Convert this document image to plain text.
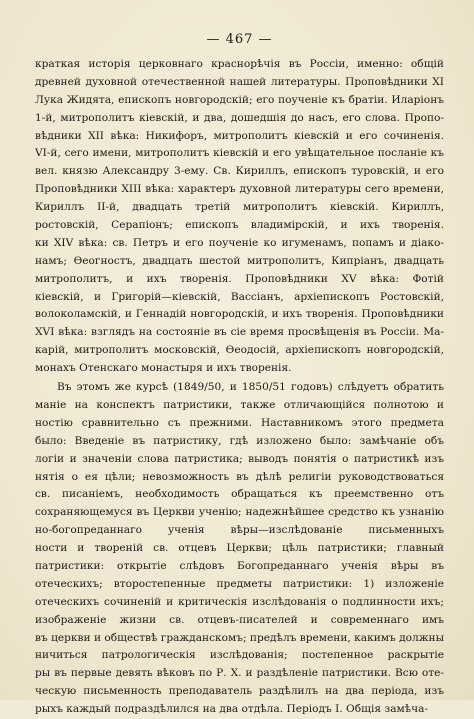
— 467 —

краткая исторія церковнаго краснорѣчія въ Россіи, именно: общій
древней духовной отечественной нашей литературы. Проповѣдники XI
Лука Жидята, епископъ новгородскій; его поученіе къ братіи. Иларіонъ
1-й, митрополитъ кіевскій, и два, дошедшія до насъ, его слова. Пропо-
вѣдники XII вѣка: Никифоръ, митрополитъ кіевскій и его сочиненія.
VI-й, сего имени, митрополитъ кіевскій и его увѣщательное посланіе къ
вел. князю Александру 3-ему. Св. Кириллъ, епископъ туровскій, и его
Проповѣдники XIII вѣка: характеръ духовной литературы сего времени,
Кириллъ II-й, двадцать третій митрополитъ кіевскій. Кириллъ,
ростовскій, Серапіонъ; епископъ владимірскій, и ихъ творенія.
ки XIV вѣка: св. Петръ и его поученіе ко игуменамъ, попамъ и діако-
намъ; Ѳеогностъ, двадцать шестой митрополитъ, Кипріанъ, двадцать
митрополитъ, и ихъ творенія. Проповѣдники XV вѣка: Фотій
кіевскій, и Григорій—кіевскій, Вассіанъ, архіепископъ Ростовскій,
волоколамскій, и Геннадій новгородскій, и ихъ творенія. Проповѣдники
XVI вѣка: взглядъ на состояніе въ сіе время просвѣщенія въ Россіи. Ма-
карій, митрополитъ московскій, Ѳеодосій, архіепископъ новгородскій,
монахъ Отенскаго монастыря и ихъ творенія.

Въ этомъ же курсѣ (1849/50, и 1850/51 годовъ) слѣдуетъ обратить
маніе на конспектъ патристики, также отличающійся полнотою и
ностію сравнительно съ прежними. Наставникомъ этого предмета
было: Введеніе въ патристику, гдѣ изложено было: замѣчаніе объ
логіи и значеніи слова патристика; выводъ понятія о патристикѣ изъ
нятія о ея цѣли; невозможность въ дѣлѣ религіи руководствоваться
св. писаніемъ, необходимость обращаться къ преемственно отъ
сохраняющемуся въ Церкви ученію; надежнѣйшее средство къ узнанію
но-богопреданнаго ученія вѣры—изслѣдованіе письменныхъ
ности и твореній св. отцевъ Церкви; цѣль патристики; главный
патристики: открытіе слѣдовъ Богопреданнаго ученія вѣры въ
отеческихъ; второстепенные предметы патристики: 1) изложеніе
отеческихъ сочиненій и критическія изслѣдованія о подлинности ихъ;
изображеніе жизни св. отцевъ-писателей и современнаго имъ
въ церкви и обществѣ гражданскомъ; предѣлъ времени, какимъ должны
ничиться патрологическія изслѣдованія; постепенное раскрытіе
ры въ первые девять вѣковъ по Р. Х. и раздѣленіе патристики. Всю оте-
ческую письменность преподаватель раздѣлилъ на два періода, изъ
рыхъ каждый подраздѣлился на два отдѣла. Періодъ I. Общія замѣча-
